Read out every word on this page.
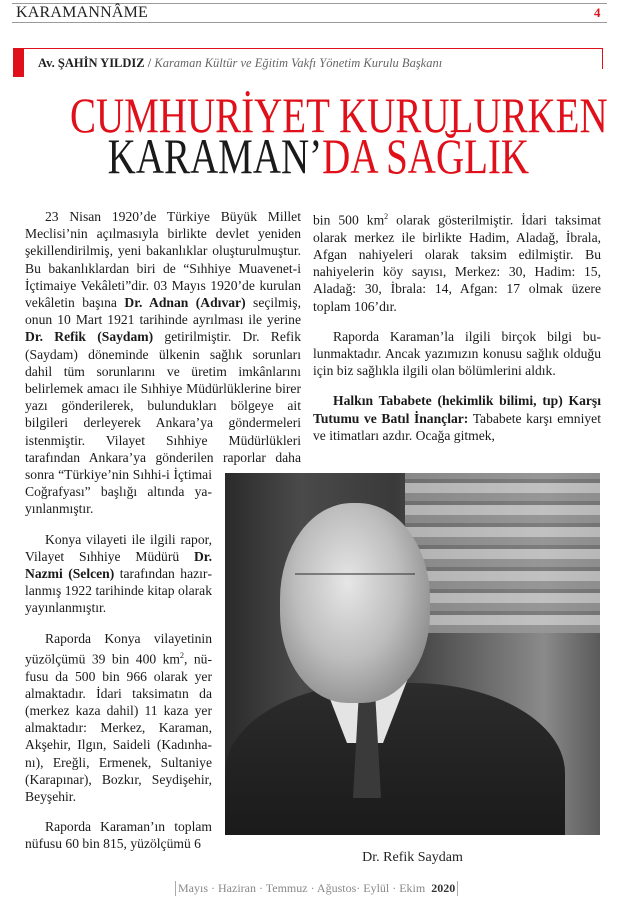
KARAMANNÂME	4
Av. ŞAHİN YILDIZ / Karaman Kültür ve Eğitim Vakfı Yönetim Kurulu Başkanı
CUMHURİYET KURULURKEN
KARAMAN’DA SAĞLIK

23 Nisan 1920’de Türkiye Büyük Millet Meclisi’nin açılmasıyla birlikte devlet yeniden şekillendirilmiş, yeni bakanlıklar oluşturulmuştur. Bu bakanlıklardan biri de “Sıhhiye Muavenet-i İçtimaiye Vekâleti”dir. 03 Mayıs 1920’de kurulan vekâletin başına Dr. Adnan (Adıvar) seçilmiş, onun 10 Mart 1921 tarihinde ayrılması ile yerine Dr. Refik (Saydam) getirilmiştir. Dr. Refik (Saydam) döneminde ülkenin sağlık sorunları dahil tüm sorunlarını ve üretim imkânlarını belirlemek amacı ile Sıhhiye Müdürlüklerine birer yazı gönderilerek, bulundukları bölgeye ait bilgileri derleyerek Ankara’ya göndermeleri istenmiştir. Vilayet Sıhhiye Müdürlükleri tarafından Ankara’ya gönderilen raporlar daha sonra “Türkiye’nin Sıhhi-i İçtimai Coğrafyası” başlığı altında yayınlanmıştır.

Konya vilayeti ile ilgili rapor, Vilayet Sıhhiye Müdürü Dr. Nazmi (Selcen) tarafından hazırlanmış 1922 tarihinde kitap olarak yayınlanmıştır.

Raporda Konya vilayetinin yüzölçümü 39 bin 400 $km^2$, nüfusu da 500 bin 966 olarak yer almaktadır. İdari taksimatın da (merkez kaza dahil) 11 kaza yer almaktadır: Merkez, Karaman, Akşehir, Ilgın, Saideli (Kadınhanı), Ereğli, Ermenek, Sultaniye (Karapınar), Bozkır, Seydişehir, Beyşehir.

Raporda Karaman’ın toplam nüfusu 60 bin 815, yüzölçümü 6

bin 500 $km^2$ olarak gösterilmiştir. İdari taksimat olarak merkez ile birlikte Hadim, Aladağ, İbrala, Afgan nahiyeleri olarak taksim edilmiştir. Bu nahiyelerin köy sayısı, Merkez: 30, Hadim: 15, Aladağ: 30, İbrala: 14, Afgan: 17 olmak üzere toplam 106’dır.

Raporda Karaman’la ilgili birçok bilgi bulunmaktadır. Ancak yazımızın konusu sağlık olduğu için biz sağlıkla ilgili olan bölümlerini aldık.

Halkın Tababete (hekimlik bilimi, tıp) Karşı Tutumu ve Batıl İnançlar: Tababete karşı emniyet ve itimatları azdır. Ocağa gitmek,

Dr. Refik Saydam
Mayıs · Haziran · Temmuz · Ağustos· Eylül · Ekim 2020
